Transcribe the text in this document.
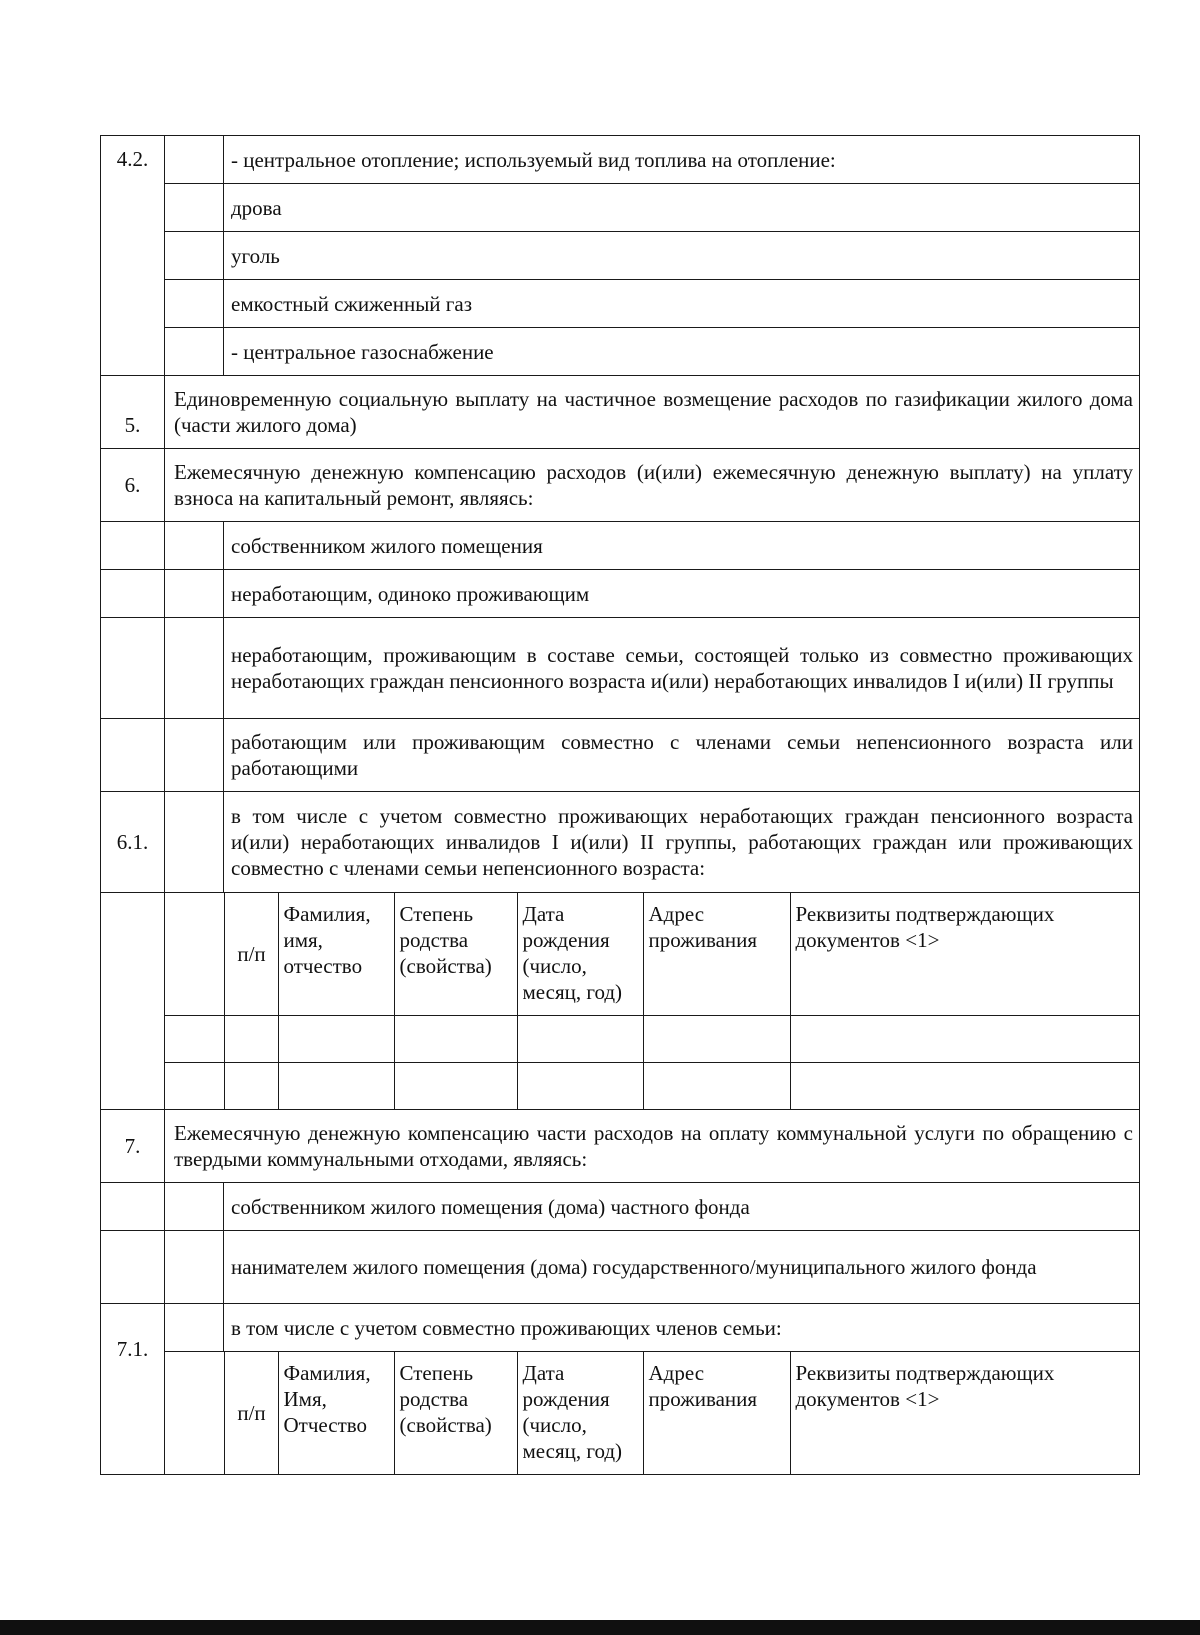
4.2.		- центральное отопление; используемый вид топлива на отопление:
	дрова
	уголь
	емкостный сжиженный газ
	- центральное газоснабжение
5.	Единовременную социальную выплату на частичное возмещение расходов по газификации жилого дома (части жилого дома)
6.	Ежемесячную денежную компенсацию расходов (и(или) ежемесячную денежную выплату) на уплату взноса на капитальный ремонт, являясь:
		собственником жилого помещения
		неработающим, одиноко проживающим
		неработающим, проживающим в составе семьи, состоящей только из совместно проживающих неработающих граждан пенсионного возраста и(или) неработающих инвалидов I и(или) II группы
		работающим или проживающим совместно с членами семьи непенсионного возраста или работающими
6.1.		в том числе с учетом совместно проживающих неработающих граждан пенсионного возраста и(или) неработающих инвалидов I и(или) II группы, работающих граждан или проживающих совместно с членами семьи непенсионного возраста:

	п/п	Фамилия, имя, отчество	Степень родства (свойства)	Дата рождения (число, месяц, год)	Адрес проживания	Реквизиты подтверждающих документов <1>

7.	Ежемесячную денежную компенсацию части расходов на оплату коммунальной услуги по обращению с твердыми коммунальными отходами, являясь:
		собственником жилого помещения (дома) частного фонда
		нанимателем жилого помещения (дома) государственного/муниципального жилого фонда
7.1.		в том числе с учетом совместно проживающих членов семьи:

	п/п	Фамилия, Имя, Отчество	Степень родства (свойства)	Дата рождения (число, месяц, год)	Адрес проживания	Реквизиты подтверждающих документов <1>
